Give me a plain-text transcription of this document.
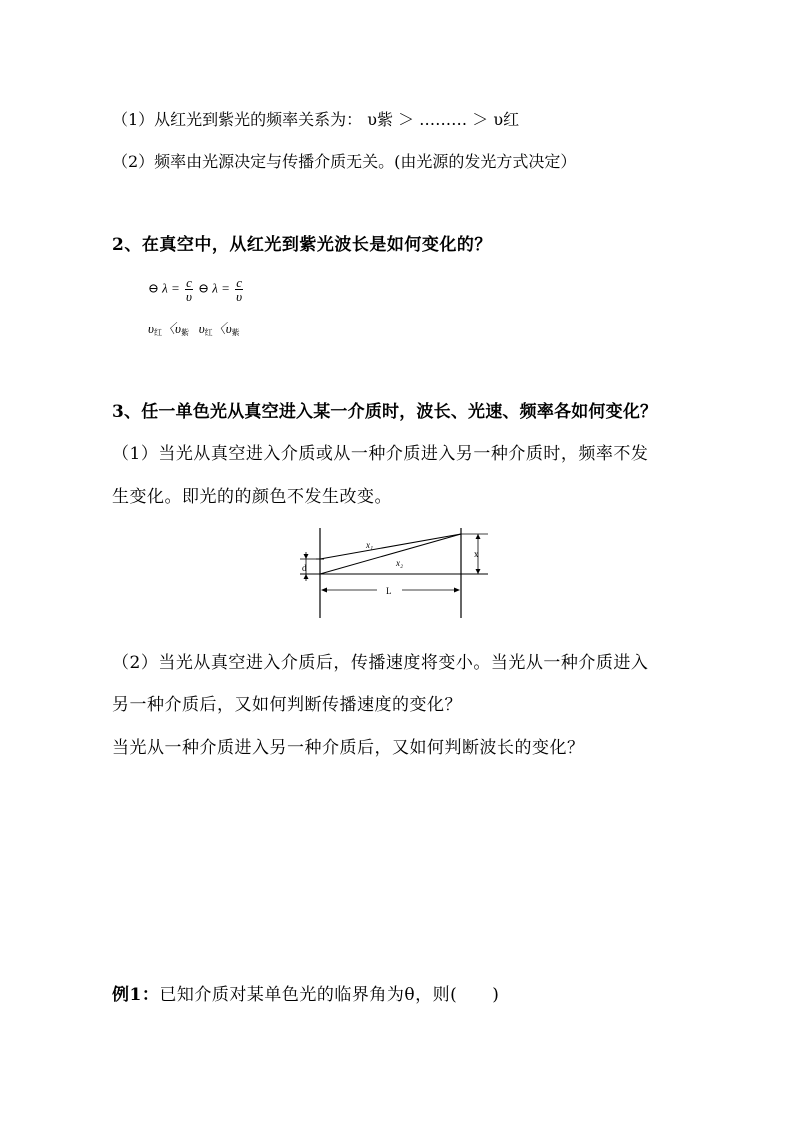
（1）从红光到紫光的频率关系为： υ紫 ＞ ……… ＞ υ红
（2）频率由光源决定与传播介质无关。(由光源的发光方式决定）
2、在真空中，从红光到紫光波长是如何变化的？
⊖ $\lambda = \frac{c}{\upsilon}$ ⊖ $\lambda = \frac{c}{\upsilon}$
$\upsilon_红$〈$\upsilon_紫$ $\upsilon_红$〈$\upsilon_紫$
3、任一单色光从真空进入某一介质时，波长、光速、频率各如何变化？
（1）当光从真空进入介质或从一种介质进入另一种介质时，频率不发
生变化。即光的的颜色不发生改变。
d
x
L
x₁
x₂
（2）当光从真空进入介质后，传播速度将变小。当光从一种介质进入
另一种介质后，又如何判断传播速度的变化？
当光从一种介质进入另一种介质后，又如何判断波长的变化？
例1：已知介质对某单色光的临界角为θ，则(　　)
